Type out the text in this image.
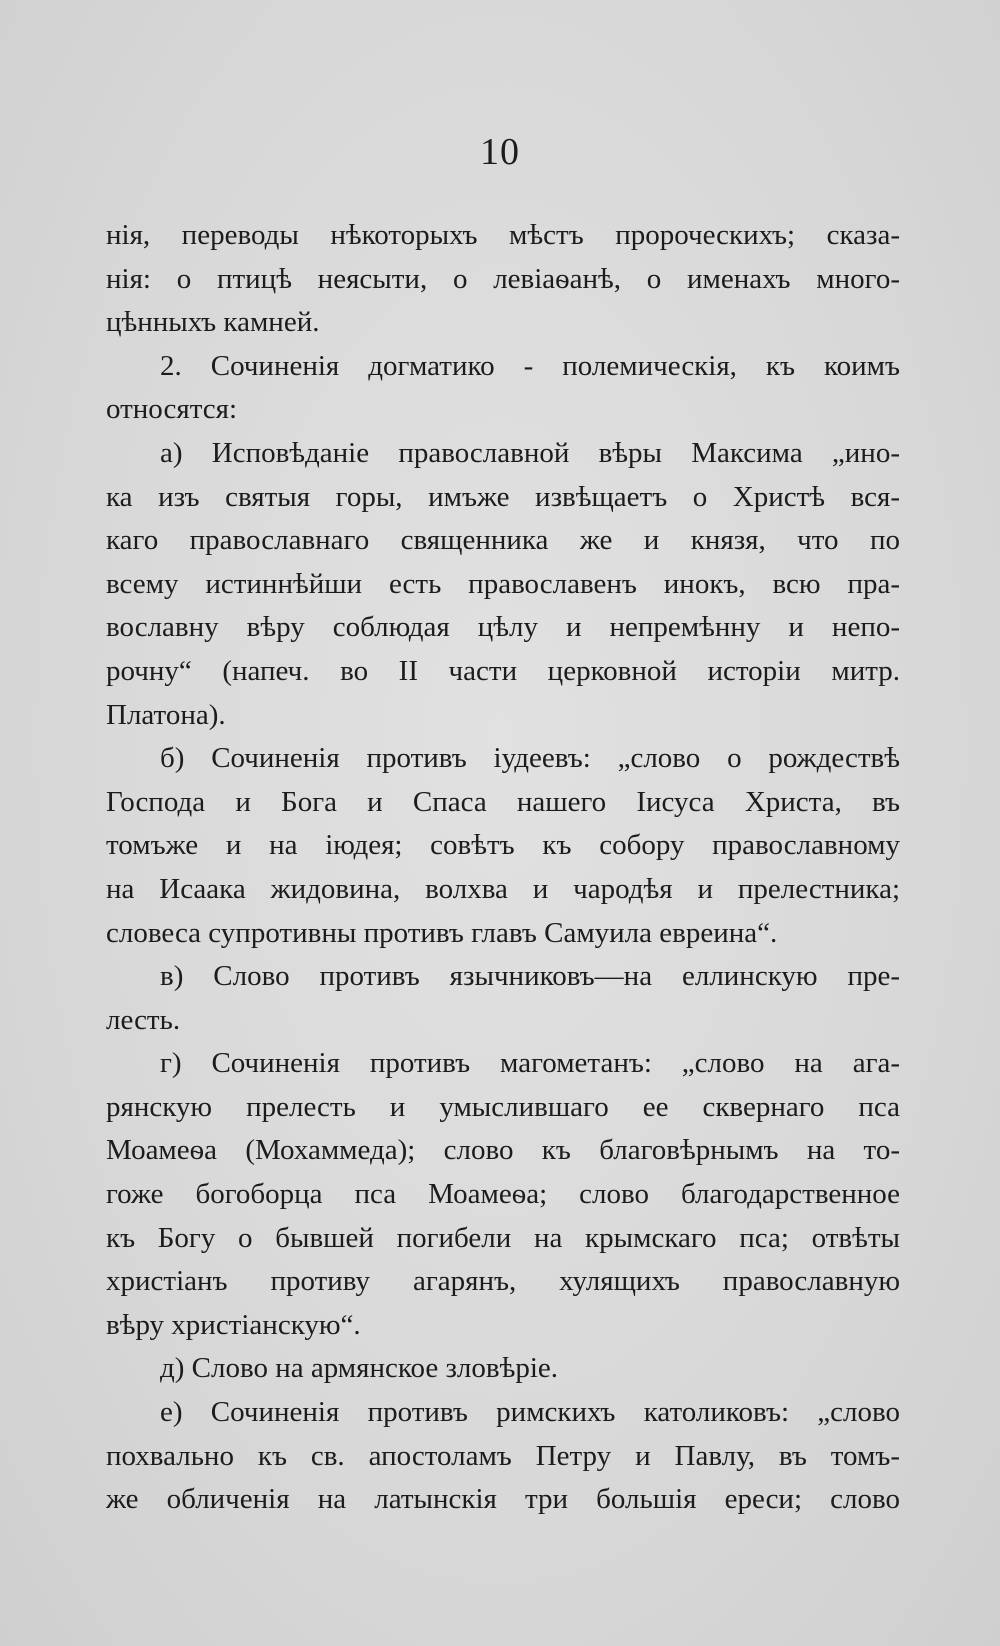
10
нія, переводы нѣкоторыхъ мѣстъ пророческихъ; сказа-
нія: о птицѣ неясыти, о левіаѳанѣ, о именахъ много-
цѣнныхъ камней.
2. Сочиненія догматико - полемическія, къ коимъ
относятся:
а) Исповѣданіе православной вѣры Максима „ино-
ка изъ святыя горы, имъже извѣщаетъ о Христѣ вся-
каго православнаго священника же и князя, что по
всему истиннѣйши есть православенъ инокъ, всю пра-
вославну вѣру соблюдая цѣлу и непремѣнну и непо-
рочну“ (напеч. во II части церковной исторіи митр.
Платона).
б) Сочиненія противъ іудеевъ: „слово о рождествѣ
Господа и Бога и Спаса нашего Іисуса Христа, въ
томъже и на іюдея; совѣтъ къ собору православному
на Исаака жидовина, волхва и чародѣя и прелестника;
словеса супротивны противъ главъ Самуила евреина“.
в) Слово противъ язычниковъ—на еллинскую пре-
лесть.
г) Сочиненія противъ магометанъ: „слово на ага-
рянскую прелесть и умыслившаго ее сквернаго пса
Моамеѳа (Мохаммеда); слово къ благовѣрнымъ на то-
гоже богоборца пса Моамеѳа; слово благодарственное
къ Богу о бывшей погибели на крымскаго пса; отвѣты
христіанъ противу агарянъ, хулящихъ православную
вѣру христіанскую“.
д) Слово на армянское зловѣріе.
е) Сочиненія противъ римскихъ католиковъ: „слово
похвально къ св. апостоламъ Петру и Павлу, въ томъ-
же обличенія на латынскія три большія ереси; слово
